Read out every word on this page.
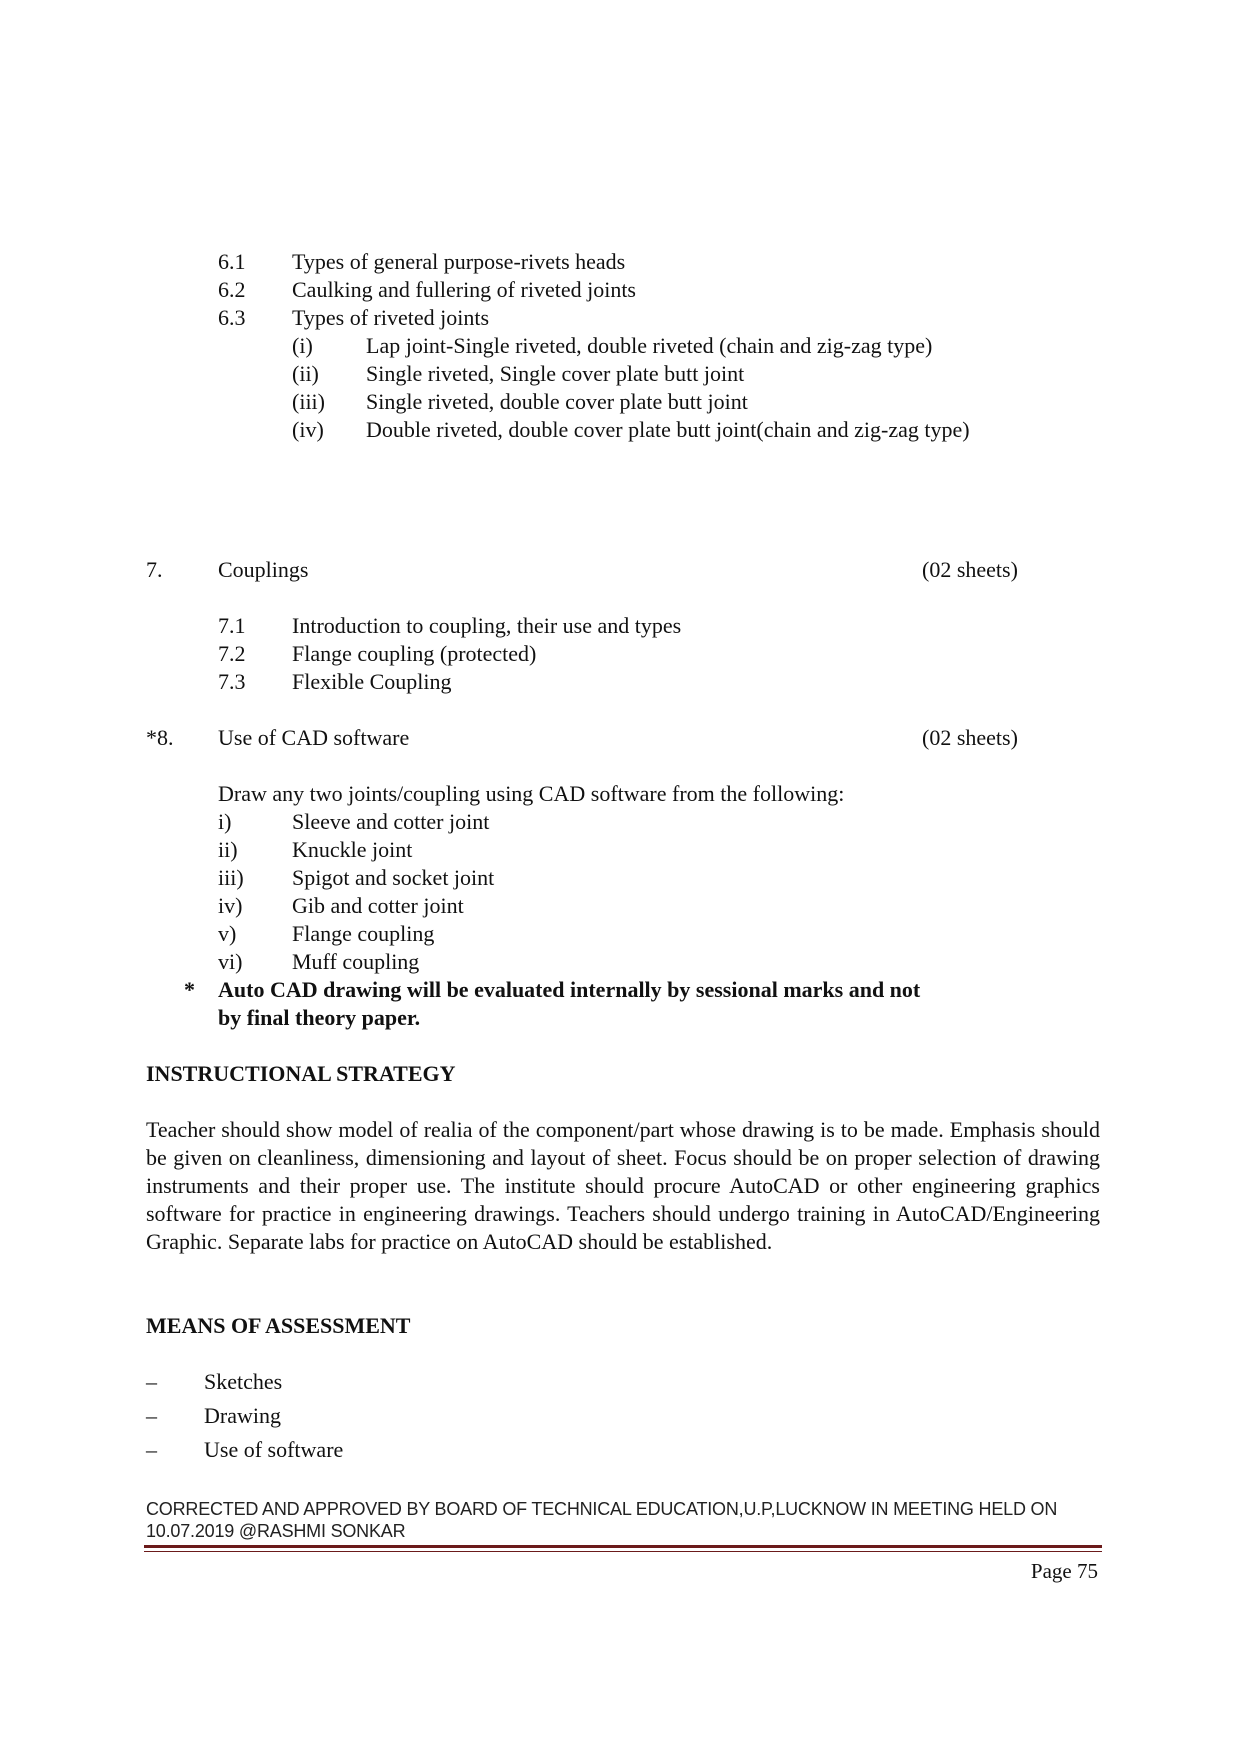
6.1 Types of general purpose-rivets heads
6.2 Caulking and fullering of riveted joints
6.3 Types of riveted joints
(i) Lap joint-Single riveted, double riveted (chain and zig-zag type)
(ii) Single riveted, Single cover plate butt joint
(iii) Single riveted, double cover plate butt joint
(iv) Double riveted, double cover plate butt joint(chain and zig-zag type)
7.	Couplings	(02 sheets)
7.1 Introduction to coupling, their use and types
7.2 Flange coupling (protected)
7.3 Flexible Coupling
*8. Use of CAD software	(02 sheets)
Draw any two joints/coupling using CAD software from the following:
i)	Sleeve and cotter joint
ii) Knuckle joint
iii) Spigot and socket joint
iv) Gib and cotter joint
v)	Flange coupling
vi) Muff coupling
* Auto CAD drawing will be evaluated internally by sessional marks and not
by final theory paper.
INSTRUCTIONAL STRATEGY
Teacher should show model of realia of the component/part whose drawing is to be made. Emphasis should be given on cleanliness, dimensioning and layout of sheet. Focus should be on proper selection of drawing instruments and their proper use. The institute should procure AutoCAD or other engineering graphics software for practice in engineering drawings. Teachers should undergo training in AutoCAD/Engineering Graphic. Separate labs for practice on AutoCAD should be established.
MEANS OF ASSESSMENT
– Sketches
– Drawing
– Use of software
CORRECTED AND APPROVED BY BOARD OF TECHNICAL EDUCATION,U.P,LUCKNOW IN MEETING HELD ON
10.07.2019 @RASHMI SONKAR
Page 75
